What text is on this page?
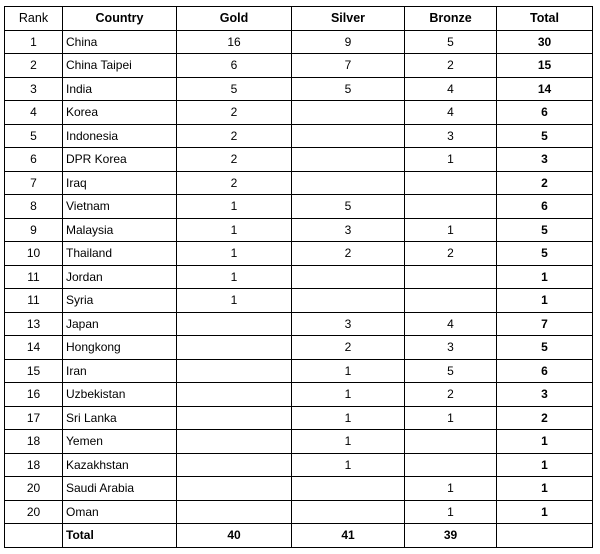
Rank	Country	Gold	Silver	Bronze	Total
1	China	16	9	5	30
2	China Taipei	6	7	2	15
3	India	5	5	4	14
4	Korea	2		4	6
5	Indonesia	2		3	5
6	DPR Korea	2		1	3
7	Iraq	2			2
8	Vietnam	1	5		6
9	Malaysia	1	3	1	5
10	Thailand	1	2	2	5
11	Jordan	1			1
11	Syria	1			1
13	Japan		3	4	7
14	Hongkong		2	3	5
15	Iran		1	5	6
16	Uzbekistan		1	2	3
17	Sri Lanka		1	1	2
18	Yemen		1		1
18	Kazakhstan		1		1
20	Saudi Arabia			1	1
20	Oman			1	1
	Total	40	41	39	
